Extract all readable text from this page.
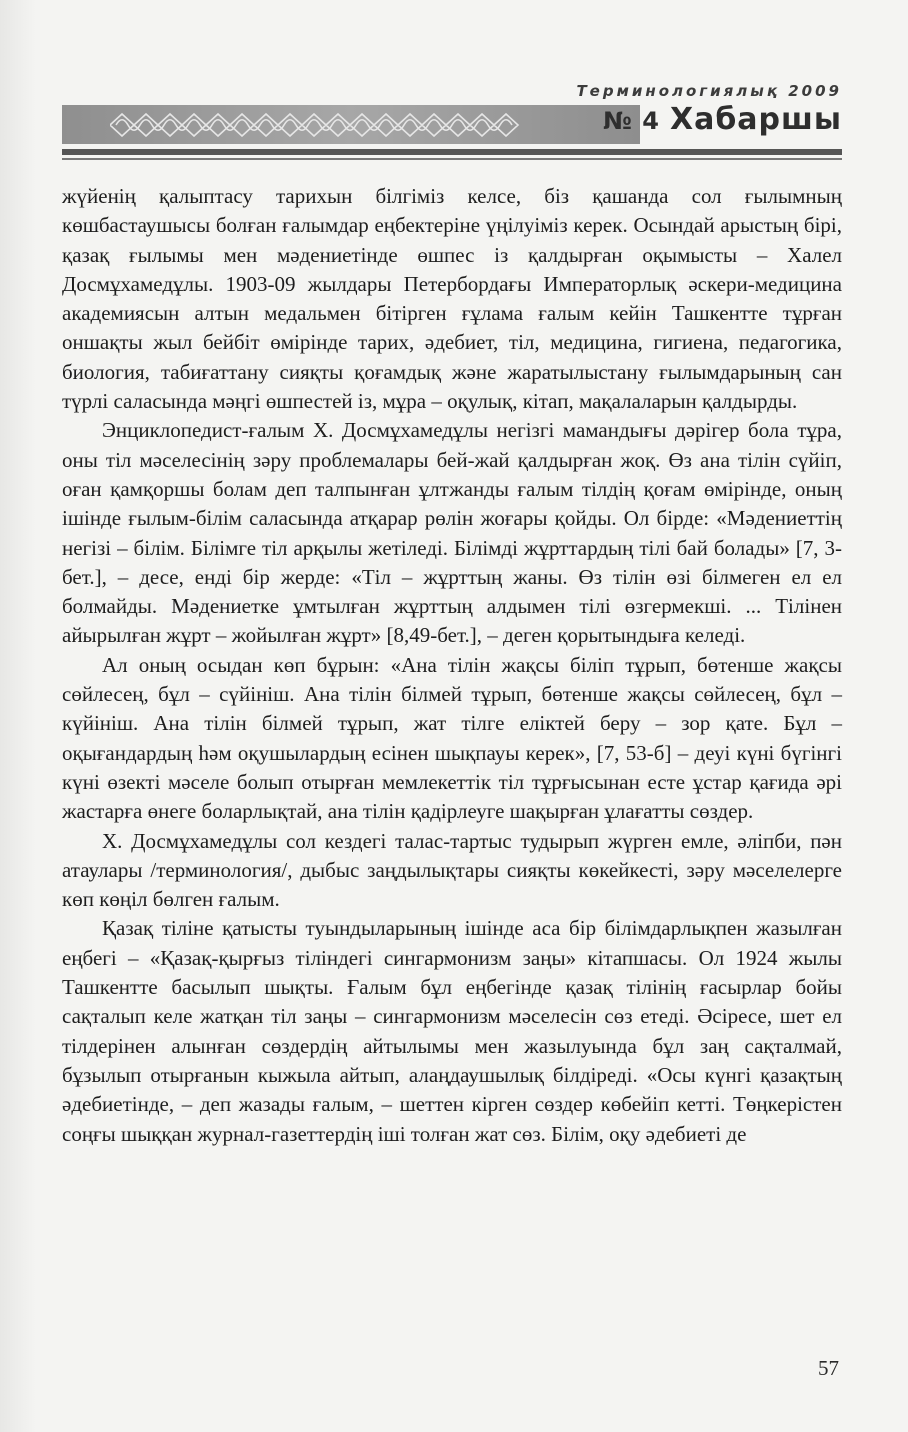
Терминологиялық 2009
№ 4 Хабаршы

жүйенің қалыптасу тарихын білгіміз келсе, біз қашанда сол ғылымның көшбастаушысы болған ғалымдар еңбектеріне үңілуіміз керек. Осындай арыстың бірі, қазақ ғылымы мен мәдениетінде өшпес із қалдырған оқымысты – Халел Досмұхамедұлы. 1903-09 жылдары Петербордағы Императорлық әскери-медицина академиясын алтын медальмен бітірген ғұлама ғалым кейін Ташкентте тұрған оншақты жыл бейбіт өмірінде тарих, әдебиет, тіл, медицина, гигиена, педагогика, биология, табиғаттану сияқты қоғамдық және жаратылыстану ғылымдарының сан түрлі саласында мәңгі өшпестей із, мұра – оқулық, кітап, мақалаларын қалдырды.

Энциклопедист-ғалым Х. Досмұхамедұлы негізгі мамандығы дәрігер бола тұра, оны тіл мәселесінің зәру проблемалары бей-жай қалдырған жоқ. Өз ана тілін сүйіп, оған қамқоршы болам деп талпынған ұлтжанды ғалым тілдің қоғам өмірінде, оның ішінде ғылым-білім саласында атқарар рөлін жоғары қойды. Ол бірде: «Мәдениеттің негізі – білім. Білімге тіл арқылы жетіледі. Білімді жұрттардың тілі бай болады» [7, 3-бет.], – десе, енді бір жерде: «Тіл – жұрттың жаны. Өз тілін өзі білмеген ел ел болмайды. Мәдениетке ұмтылған жұрттың алдымен тілі өзгермекші. ... Тілінен айырылған жұрт – жойылған жұрт» [8,49-бет.], – деген қорытындыға келеді.

Ал оның осыдан көп бұрын: «Ана тілін жақсы біліп тұрып, бөтенше жақсы сөйлесең, бұл – сүйініш. Ана тілін білмей тұрып, бөтенше жақсы сөйлесең, бұл – күйініш. Ана тілін білмей тұрып, жат тілге еліктей беру – зор қате. Бұл – оқығандардың һәм оқушылардың есінен шықпауы керек», [7, 53-б] – деуі күні бүгінгі күні өзекті мәселе болып отырған мемлекеттік тіл тұрғысынан есте ұстар қағида әрі жастарға өнеге боларлықтай, ана тілін қадірлеуге шақырған ұлағатты сөздер.

Х. Досмұхамедұлы сол кездегі талас-тартыс тудырып жүрген емле, әліпби, пән атаулары /терминология/, дыбыс заңдылықтары сияқты көкейкесті, зәру мәселелерге көп көңіл бөлген ғалым.

Қазақ тіліне қатысты туындыларының ішінде аса бір білімдарлықпен жазылған еңбегі – «Қазақ-қырғыз тіліндегі сингармонизм заңы» кітапшасы. Ол 1924 жылы Ташкентте басылып шықты. Ғалым бұл еңбегінде қазақ тілінің ғасырлар бойы сақталып келе жатқан тіл заңы – сингармонизм мәселесін сөз етеді. Әсіресе, шет ел тілдерінен алынған сөздердің айтылымы мен жазылуында бұл заң сақталмай, бұзылып отырғанын кыжыла айтып, алаңдаушылық білдіреді. «Осы күнгі қазақтың әдебиетінде, – деп жазады ғалым, – шеттен кірген сөздер көбейіп кетті. Төңкерістен соңғы шыққан журнал-газеттердің іші толған жат сөз. Білім, оқу әдебиеті де

57
